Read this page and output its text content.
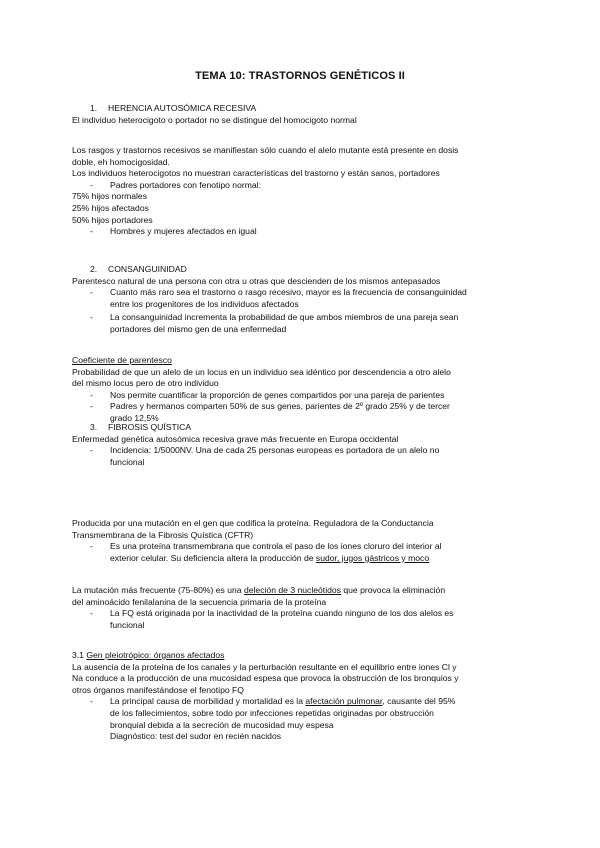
TEMA 10: TRASTORNOS GENÉTICOS II

1. HERENCIA AUTOSÓMICA RECESIVA

El individuo heterocigoto o portador no se distingue del homocigoto normal

Los rasgos y trastornos recesivos se manifiestan sólo cuando el alelo mutante está presente en dosis

doble, eh homocigosidad.

Los individuos heterocigotos no muestran características del trastorno y están sanos, portadores

- Padres portadores con fenotipo normal:

75% hijos normales

25% hijos afectados

50% hijos portadores

- Hombres y mujeres afectados en igual

2. CONSANGUINIDAD

Parentesco natural de una persona con otra u otras que descienden de los mismos antepasados

- Cuanto más raro sea el trastorno o rasgo recesivo, mayor es la frecuencia de consanguinidad
entre los progenitores de los individuos afectados
- La consanguinidad incrementa la probabilidad de que ambos miembros de una pareja sean
portadores del mismo gen de una enfermedad

Coeficiente de parentesco

Probabilidad de que un alelo de un locus en un individuo sea idéntico por descendencia a otro alelo

del mismo locus pero de otro individuo

- Nos permite cuantificar la proporción de genes compartidos por una pareja de parientes
- Padres y hermanos comparten 50% de sus genes, parientes de 2º grado 25% y de tercer
grado 12,5%

3. FIBROSIS QUÍSTICA

Enfermedad genética autosómica recesiva grave más frecuente en Europa occidental

- Incidencia: 1/5000NV. Una de cada 25 personas europeas es portadora de un alelo no
funcional

Producida por una mutación en el gen que codifica la proteína. Reguladora de la Conductancia

Transmembrana de la Fibrosis Quística (CFTR)

- Es una proteína transmembrana que controla el paso de los iones cloruro del interior al
exterior celular. Su deficiencia altera la producción de sudor, jugos gástricos y moco

La mutación más frecuente (75-80%) es una deleción de 3 nucleótidos que provoca la eliminación

del aminoácido fenilalanina de la secuencia primaria de la proteína

- La FQ está originada por la inactividad de la proteína cuando ninguno de los dos alelos es
funcional

3.1 Gen pleiotrópico: órganos afectados

La ausencia de la proteína de los canales y la perturbación resultante en el equilibrio entre iones Cl y

Na conduce a la producción de una mucosidad espesa que provoca la obstrucción de los bronquios y

otros órganos manifestándose el fenotipo FQ

- La principal causa de morbilidad y mortalidad es la afectación pulmonar, causante del 95%
de los fallecimientos, sobre todo por infecciones repetidas originadas por obstrucción
bronquial debida a la secreción de mucosidad muy espesa
Diagnóstico: test del sudor en recién nacidos
